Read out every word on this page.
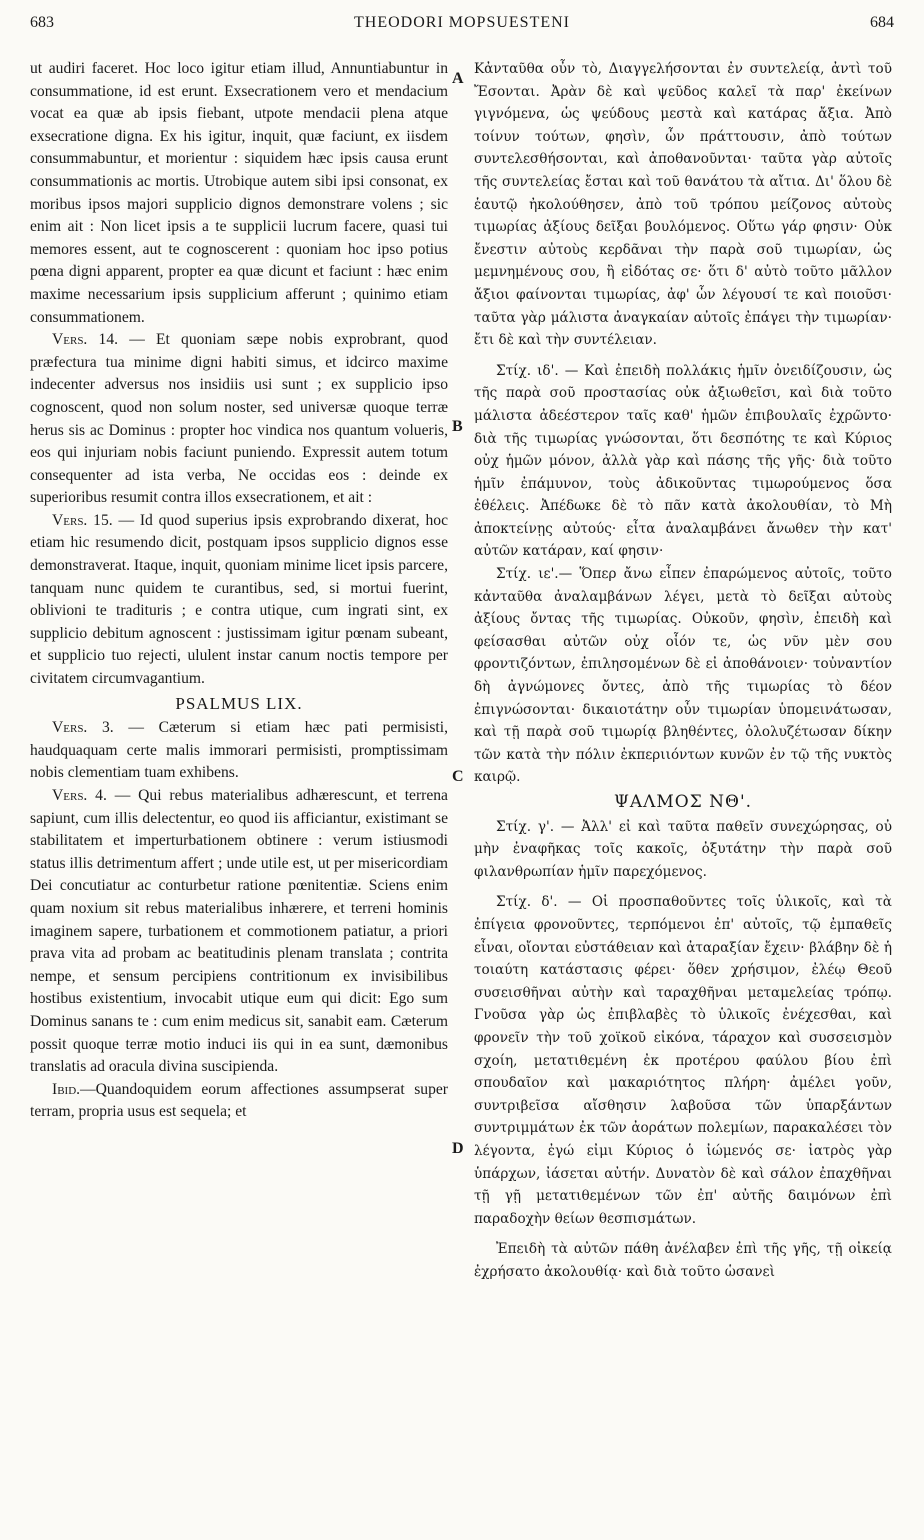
683	THEODORI MOPSUESTENI	684
A
B
C
D

ut audiri faceret. Hoc loco igitur etiam illud, Annuntiabuntur in consummatione, id est erunt. Exsecrationem vero et mendacium vocat ea quæ ab ipsis fiebant, utpote mendacii plena atque exsecratione digna. Ex his igitur, inquit, quæ faciunt, ex iisdem consummabuntur, et morientur : siquidem hæc ipsis causa erunt consummationis ac mortis. Utrobique autem sibi ipsi consonat, ex moribus ipsos majori supplicio dignos demonstrare volens ; sic enim ait : Non licet ipsis a te supplicii lucrum facere, quasi tui memores essent, aut te cognoscerent : quoniam hoc ipso potius pœna digni apparent, propter ea quæ dicunt et faciunt : hæc enim maxime necessarium ipsis supplicium afferunt ; quinimo etiam consummationem.

Vers. 14. — Et quoniam sæpe nobis exprobrant, quod præfectura tua minime digni habiti simus, et idcirco maxime indecenter adversus nos insidiis usi sunt ; ex supplicio ipso cognoscent, quod non solum noster, sed universæ quoque terræ herus sis ac Dominus : propter hoc vindica nos quantum volueris, eos qui injuriam nobis faciunt puniendo. Expressit autem totum consequenter ad ista verba, Ne occidas eos : deinde ex superioribus resumit contra illos exsecrationem, et ait :

Vers. 15. — Id quod superius ipsis exprobrando dixerat, hoc etiam hic resumendo dicit, postquam ipsos supplicio dignos esse demonstraverat. Itaque, inquit, quoniam minime licet ipsis parcere, tanquam nunc quidem te curantibus, sed, si mortui fuerint, oblivioni te tradituris ; e contra utique, cum ingrati sint, ex supplicio debitum agnoscent : justissimam igitur pœnam subeant, et supplicio tuo rejecti, ululent instar canum noctis tempore per civitatem circumvagantium.

PSALMUS LIX.

Vers. 3. — Cæterum si etiam hæc pati permisisti, haudquaquam certe malis immorari permisisti, promptissimam nobis clementiam tuam exhibens.

Vers. 4. — Qui rebus materialibus adhærescunt, et terrena sapiunt, cum illis delectentur, eo quod iis afficiantur, existimant se stabilitatem et imperturbationem obtinere : verum istiusmodi status illis detrimentum affert ; unde utile est, ut per misericordiam Dei concutiatur ac conturbetur ratione pœnitentiæ. Sciens enim quam noxium sit rebus materialibus inhærere, et terreni hominis imaginem sapere, turbationem et commotionem patiatur, a priori prava vita ad probam ac beatitudinis plenam translata ; contrita nempe, et sensum percipiens contritionum ex invisibilibus hostibus existentium, invocabit utique eum qui dicit: Ego sum Dominus sanans te : cum enim medicus sit, sanabit eam. Cæterum possit quoque terræ motio induci iis qui in ea sunt, dæmonibus translatis ad oracula divina suscipienda.

Ibid.—Quandoquidem eorum affectiones assumpserat super terram, propria usus est sequela; et

Κἀνταῦθα οὖν τὸ, Διαγγελήσονται ἐν συντελείᾳ, ἀντὶ τοῦ Ἔσονται. Ἀρὰν δὲ καὶ ψεῦδος καλεῖ τὰ παρ' ἐκείνων γιγνόμενα, ὡς ψεύδους μεστὰ καὶ κατάρας ἄξια. Ἀπὸ τοίνυν τούτων, φησὶν, ὧν πράττουσιν, ἀπὸ τούτων συντελεσθήσονται, καὶ ἀποθανοῦνται· ταῦτα γὰρ αὐτοῖς τῆς συντελείας ἔσται καὶ τοῦ θανάτου τὰ αἴτια. Δι' ὅλου δὲ ἑαυτῷ ἠκολούθησεν, ἀπὸ τοῦ τρόπου μείζονος αὐτοὺς τιμωρίας ἀξίους δεῖξαι βουλόμενος. Οὕτω γάρ φησιν· Οὐκ ἔνεστιν αὐτοὺς κερδᾶναι τὴν παρὰ σοῦ τιμωρίαν, ὡς μεμνημένους σου, ἢ εἰδότας σε· ὅτι δ' αὐτὸ τοῦτο μᾶλλον ἄξιοι φαίνονται τιμωρίας, ἀφ' ὧν λέγουσί τε καὶ ποιοῦσι· ταῦτα γὰρ μάλιστα ἀναγκαίαν αὐτοῖς ἐπάγει τὴν τιμωρίαν· ἔτι δὲ καὶ τὴν συντέλειαν.

Στίχ. ιδ'. — Καὶ ἐπειδὴ πολλάκις ἡμῖν ὀνειδίζουσιν, ὡς τῆς παρὰ σοῦ προστασίας οὐκ ἀξιωθεῖσι, καὶ διὰ τοῦτο μάλιστα ἀδεέστερον ταῖς καθ' ἡμῶν ἐπιβουλαῖς ἐχρῶντο· διὰ τῆς τιμωρίας γνώσονται, ὅτι δεσπότης τε καὶ Κύριος οὐχ ἡμῶν μόνον, ἀλλὰ γὰρ καὶ πάσης τῆς γῆς· διὰ τοῦτο ἡμῖν ἐπάμυνον, τοὺς ἀδικοῦντας τιμωρούμενος ὅσα ἐθέλεις. Ἀπέδωκε δὲ τὸ πᾶν κατὰ ἀκολουθίαν, τὸ Μὴ ἀποκτείνῃς αὐτούς· εἶτα ἀναλαμβάνει ἄνωθεν τὴν κατ' αὐτῶν κατάραν, καί φησιν·

Στίχ. ιε'.— Ὅπερ ἄνω εἶπεν ἐπαρώμενος αὐτοῖς, τοῦτο κἀνταῦθα ἀναλαμβάνων λέγει, μετὰ τὸ δεῖξαι αὐτοὺς ἀξίους ὄντας τῆς τιμωρίας. Οὐκοῦν, φησὶν, ἐπειδὴ καὶ φείσασθαι αὐτῶν οὐχ οἷόν τε, ὡς νῦν μὲν σου φροντιζόντων, ἐπιλησομένων δὲ εἰ ἀποθάνοιεν· τοὐναντίον δὴ ἀγνώμονες ὄντες, ἀπὸ τῆς τιμωρίας τὸ δέον ἐπιγνώσονται· δικαιοτάτην οὖν τιμωρίαν ὑπομεινάτωσαν, καὶ τῇ παρὰ σοῦ τιμωρίᾳ βληθέντες, ὀλολυζέτωσαν δίκην τῶν κατὰ τὴν πόλιν ἐκπεριιόντων κυνῶν ἐν τῷ τῆς νυκτὸς καιρῷ.

ΨΑΛΜΟΣ ΝΘ'.

Στίχ. γ'. — Ἀλλ' εἰ καὶ ταῦτα παθεῖν συνεχώρησας, οὐ μὴν ἐναφῆκας τοῖς κακοῖς, ὀξυτάτην τὴν παρὰ σοῦ φιλανθρωπίαν ἡμῖν παρεχόμενος.

Στίχ. δ'. — Οἱ προσπαθοῦντες τοῖς ὑλικοῖς, καὶ τὰ ἐπίγεια φρονοῦντες, τερπόμενοι ἐπ' αὐτοῖς, τῷ ἐμπαθεῖς εἶναι, οἴονται εὐστάθειαν καὶ ἀταραξίαν ἔχειν· βλάβην δὲ ἡ τοιαύτη κατάστασις φέρει· ὅθεν χρήσιμον, ἐλέῳ Θεοῦ συσεισθῆναι αὐτὴν καὶ ταραχθῆναι μεταμελείας τρόπῳ. Γνοῦσα γὰρ ὡς ἐπιβλαβὲς τὸ ὑλικοῖς ἐνέχεσθαι, καὶ φρονεῖν τὴν τοῦ χοϊκοῦ εἰκόνα, τάραχον καὶ συσσεισμὸν σχοίη, μετατιθεμένη ἐκ προτέρου φαύλου βίου ἐπὶ σπουδαῖον καὶ μακαριότητος πλήρη· ἀμέλει γοῦν, συντριβεῖσα αἴσθησιν λαβοῦσα τῶν ὑπαρξάντων συντριμμάτων ἐκ τῶν ἀοράτων πολεμίων, παρακαλέσει τὸν λέγοντα, ἐγώ εἰμι Κύριος ὁ ἰώμενός σε· ἰατρὸς γὰρ ὑπάρχων, ἰάσεται αὐτήν. Δυνατὸν δὲ καὶ σάλον ἐπαχθῆναι τῇ γῇ μετατιθεμένων τῶν ἐπ' αὐτῆς δαιμόνων ἐπὶ παραδοχὴν θείων θεσπισμάτων.

Ἐπειδὴ τὰ αὐτῶν πάθη ἀνέλαβεν ἐπὶ τῆς γῆς, τῇ οἰκείᾳ ἐχρήσατο ἀκολουθίᾳ· καὶ διὰ τοῦτο ὡσανεὶ
